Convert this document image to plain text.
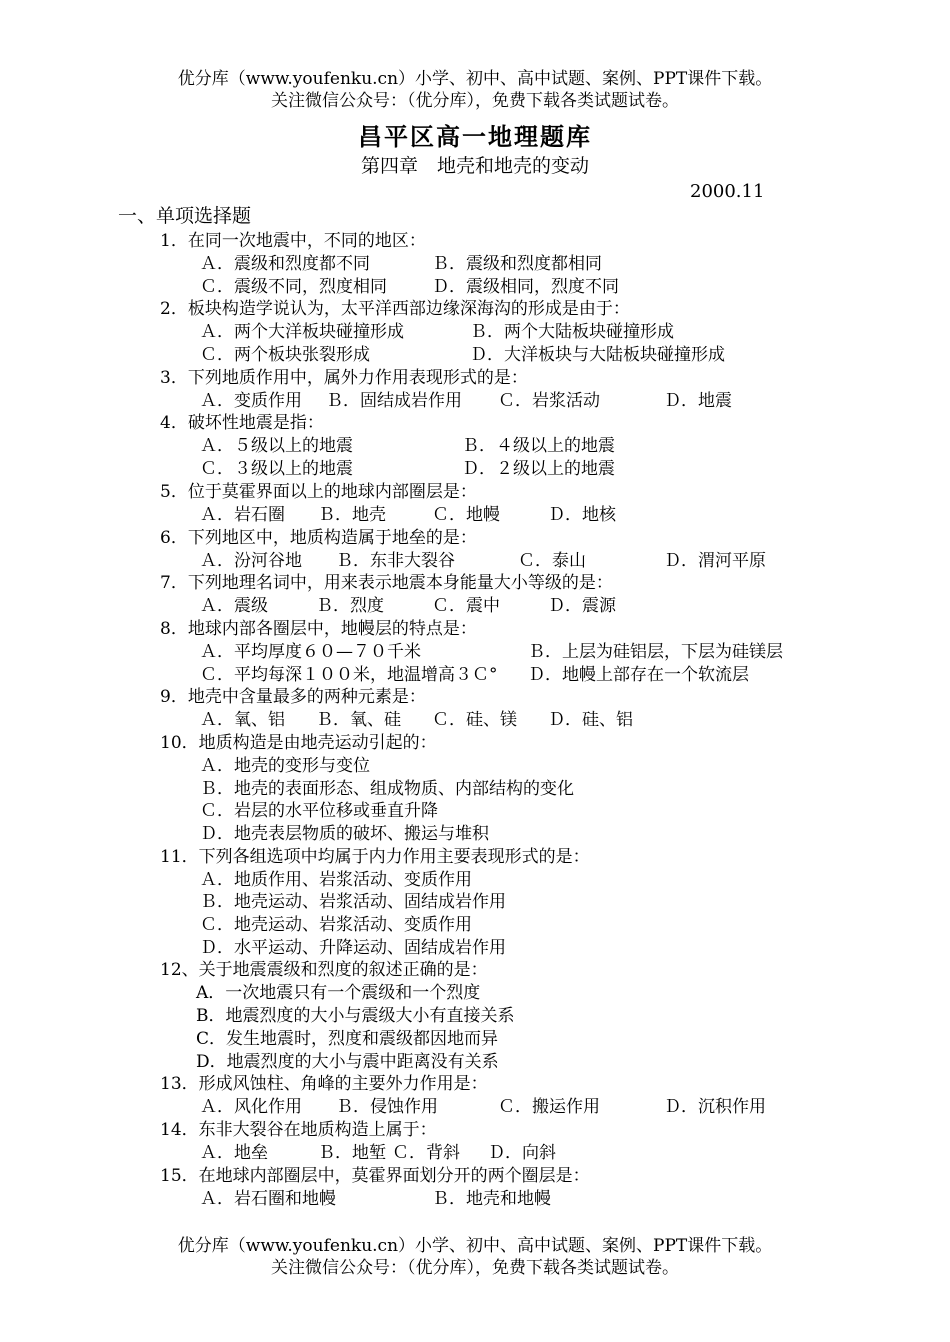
优分库（www.youfenku.cn）小学、初中、高中试题、案例、PPT课件下载。
关注微信公众号：（优分库），免费下载各类试题试卷。
昌平区高一地理题库
第四章　地壳和地壳的变动
2000.11
一、单项选择题
1．在同一次地震中，不同的地区：
Ａ．震级和烈度都不同	Ｂ．震级和烈度都相同
Ｃ．震级不同，烈度相同	Ｄ．震级相同，烈度不同
2．板块构造学说认为，太平洋西部边缘深海沟的形成是由于：
Ａ．两个大洋板块碰撞形成	Ｂ．两个大陆板块碰撞形成
Ｃ．两个板块张裂形成	Ｄ．大洋板块与大陆板块碰撞形成
3．下列地质作用中，属外力作用表现形式的是：
Ａ．变质作用 Ｂ．固结成岩作用 Ｃ．岩浆活动	Ｄ．地震
4．破坏性地震是指：
Ａ．５级以上的地震	Ｂ．４级以上的地震
Ｃ．３级以上的地震	Ｄ．２级以上的地震
5．位于莫霍界面以上的地球内部圈层是：
Ａ．岩石圈 Ｂ．地壳	Ｃ．地幔	Ｄ．地核
6．下列地区中，地质构造属于地垒的是：
Ａ．汾河谷地 Ｂ．东非大裂谷	Ｃ．泰山	Ｄ．渭河平原
7．下列地理名词中，用来表示地震本身能量大小等级的是：
Ａ．震级	Ｂ．烈度	Ｃ．震中	Ｄ．震源
8．地球内部各圈层中，地幔层的特点是：
Ａ．平均厚度６０—７０千米	Ｂ．上层为硅铝层，下层为硅镁层
Ｃ．平均每深１００米，地温增高３Ｃ° Ｄ．地幔上部存在一个软流层
9．地壳中含量最多的两种元素是：
Ａ．氧、铝 Ｂ．氧、硅 Ｃ．硅、镁 Ｄ．硅、铝
10．地质构造是由地壳运动引起的：
Ａ．地壳的变形与变位
Ｂ．地壳的表面形态、组成物质、内部结构的变化
Ｃ．岩层的水平位移或垂直升降
Ｄ．地壳表层物质的破坏、搬运与堆积
11．下列各组选项中均属于内力作用主要表现形式的是：
Ａ．地质作用、岩浆活动、变质作用
Ｂ．地壳运动、岩浆活动、固结成岩作用
Ｃ．地壳运动、岩浆活动、变质作用
Ｄ．水平运动、升降运动、固结成岩作用
12、关于地震震级和烈度的叙述正确的是：
A．一次地震只有一个震级和一个烈度
B．地震烈度的大小与震级大小有直接关系
C．发生地震时，烈度和震级都因地而异
D．地震烈度的大小与震中距离没有关系
13．形成风蚀柱、角峰的主要外力作用是：
Ａ．风化作用 Ｂ．侵蚀作用	Ｃ．搬运作用	Ｄ．沉积作用
14．东非大裂谷在地质构造上属于：
Ａ．地垒	Ｂ．地堑 Ｃ．背斜 Ｄ．向斜
15．在地球内部圈层中，莫霍界面划分开的两个圈层是：
Ａ．岩石圈和地幔	Ｂ．地壳和地幔
优分库（www.youfenku.cn）小学、初中、高中试题、案例、PPT课件下载。
关注微信公众号：（优分库），免费下载各类试题试卷。
